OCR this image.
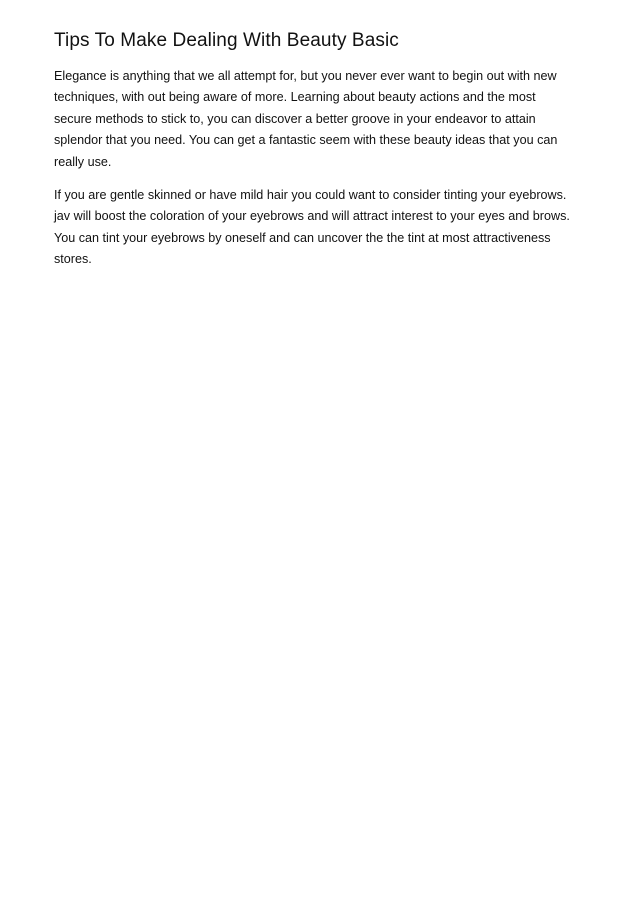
Tips To Make Dealing With Beauty Basic

Elegance is anything that we all attempt for, but you never ever want to begin out with new
techniques, with out being aware of more. Learning about beauty actions and the most
secure methods to stick to, you can discover a better groove in your endeavor to attain
splendor that you need. You can get a fantastic seem with these beauty ideas that you can
really use.

If you are gentle skinned or have mild hair you could want to consider tinting your eyebrows.
jav will boost the coloration of your eyebrows and will attract interest to your eyes and brows.
You can tint your eyebrows by oneself and can uncover the the tint at most attractiveness
stores.
